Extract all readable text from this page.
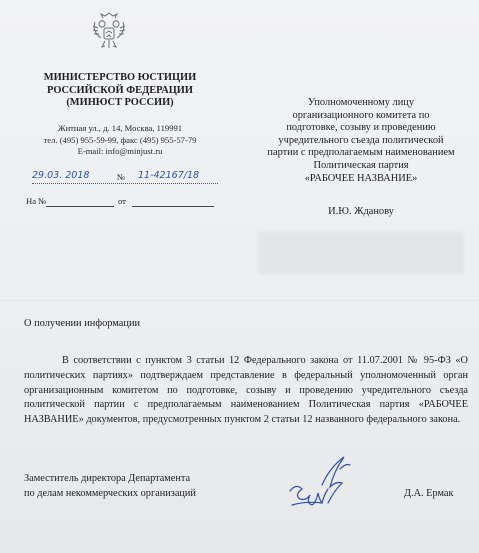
МИНИСТЕРСТВО ЮСТИЦИИ
РОССИЙСКОЙ ФЕДЕРАЦИИ
(МИНЮСТ РОССИИ)
Житная ул., д. 14, Москва, 119991
тел. (495) 955-59-99, факс (495) 955-57-79
E-mail: info@minjust.ru
29.03. 2018	№ 11-42167/18
На №	от
Уполномоченному лицу
организационного комитета по
подготовке, созыву и проведению
учредительного съезда политической
партии с предполагаемым наименованием
Политическая партия
«РАБОЧЕЕ НАЗВАНИЕ»
И.Ю. Жданову
О получении информации
В соответствии с пунктом 3 статьи 12 Федерального закона от 11.07.2001 № 95-ФЗ «О политических партиях» подтверждаем представление в федеральный уполномоченный орган организационным комитетом по подготовке, созыву и проведению учредительного съезда политической партии с предполагаемым наименованием Политическая партия «РАБОЧЕЕ НАЗВАНИЕ» документов, предусмотренных пунктом 2 статьи 12 названного федерального закона.
Заместитель директора Департамента
по делам некоммерческих организаций	Д.А. Ермак
